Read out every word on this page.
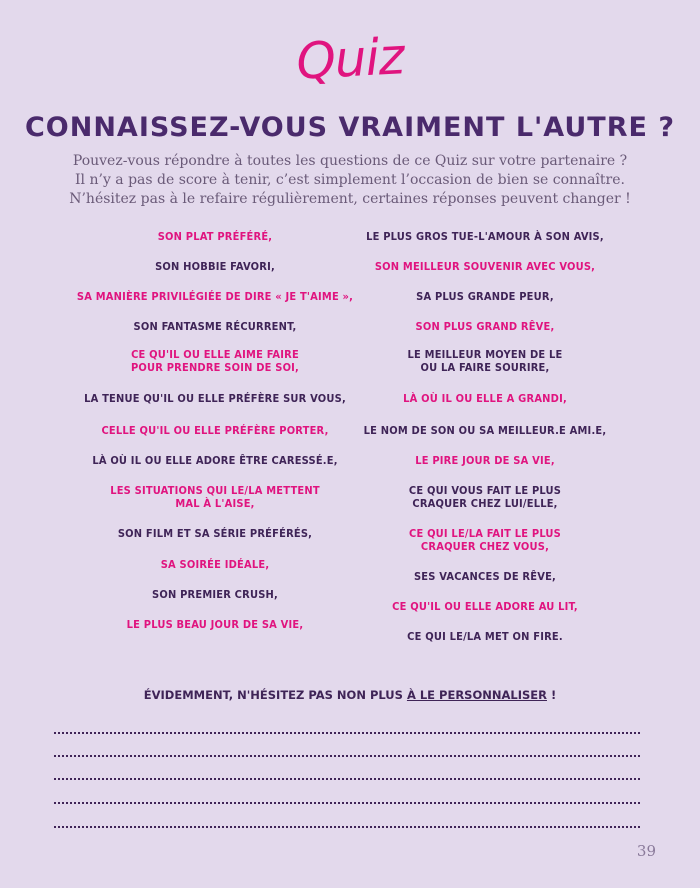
Quiz
CONNAISSEZ-VOUS VRAIMENT L'AUTRE ?
Pouvez-vous répondre à toutes les questions de ce Quiz sur votre partenaire ?
Il n’y a pas de score à tenir, c’est simplement l’occasion de bien se connaître.
N’hésitez pas à le refaire régulièrement, certaines réponses peuvent changer !
SON PLAT PRÉFÉRÉ,
SON HOBBIE FAVORI,
SA MANIÈRE PRIVILÉGIÉE DE DIRE « JE T'AIME »,
SON FANTASME RÉCURRENT,
CE QU'IL OU ELLE AIME FAIRE
POUR PRENDRE SOIN DE SOI,
LA TENUE QU'IL OU ELLE PRÉFÈRE SUR VOUS,
CELLE QU'IL OU ELLE PRÉFÈRE PORTER,
LÀ OÙ IL OU ELLE ADORE ÊTRE CARESSÉ.E,
LES SITUATIONS QUI LE/LA METTENT
MAL À L'AISE,
SON FILM ET SA SÉRIE PRÉFÉRÉS,
SA SOIRÉE IDÉALE,
SON PREMIER CRUSH,
LE PLUS BEAU JOUR DE SA VIE,
LE PLUS GROS TUE-L'AMOUR À SON AVIS,
SON MEILLEUR SOUVENIR AVEC VOUS,
SA PLUS GRANDE PEUR,
SON PLUS GRAND RÊVE,
LE MEILLEUR MOYEN DE LE
OU LA FAIRE SOURIRE,
LÀ OÙ IL OU ELLE A GRANDI,
LE NOM DE SON OU SA MEILLEUR.E AMI.E,
LE PIRE JOUR DE SA VIE,
CE QUI VOUS FAIT LE PLUS
CRAQUER CHEZ LUI/ELLE,
CE QUI LE/LA FAIT LE PLUS
CRAQUER CHEZ VOUS,
SES VACANCES DE RÊVE,
CE QU'IL OU ELLE ADORE AU LIT,
CE QUI LE/LA MET ON FIRE.
ÉVIDEMMENT, N'HÉSITEZ PAS NON PLUS À LE PERSONNALISER !
39
